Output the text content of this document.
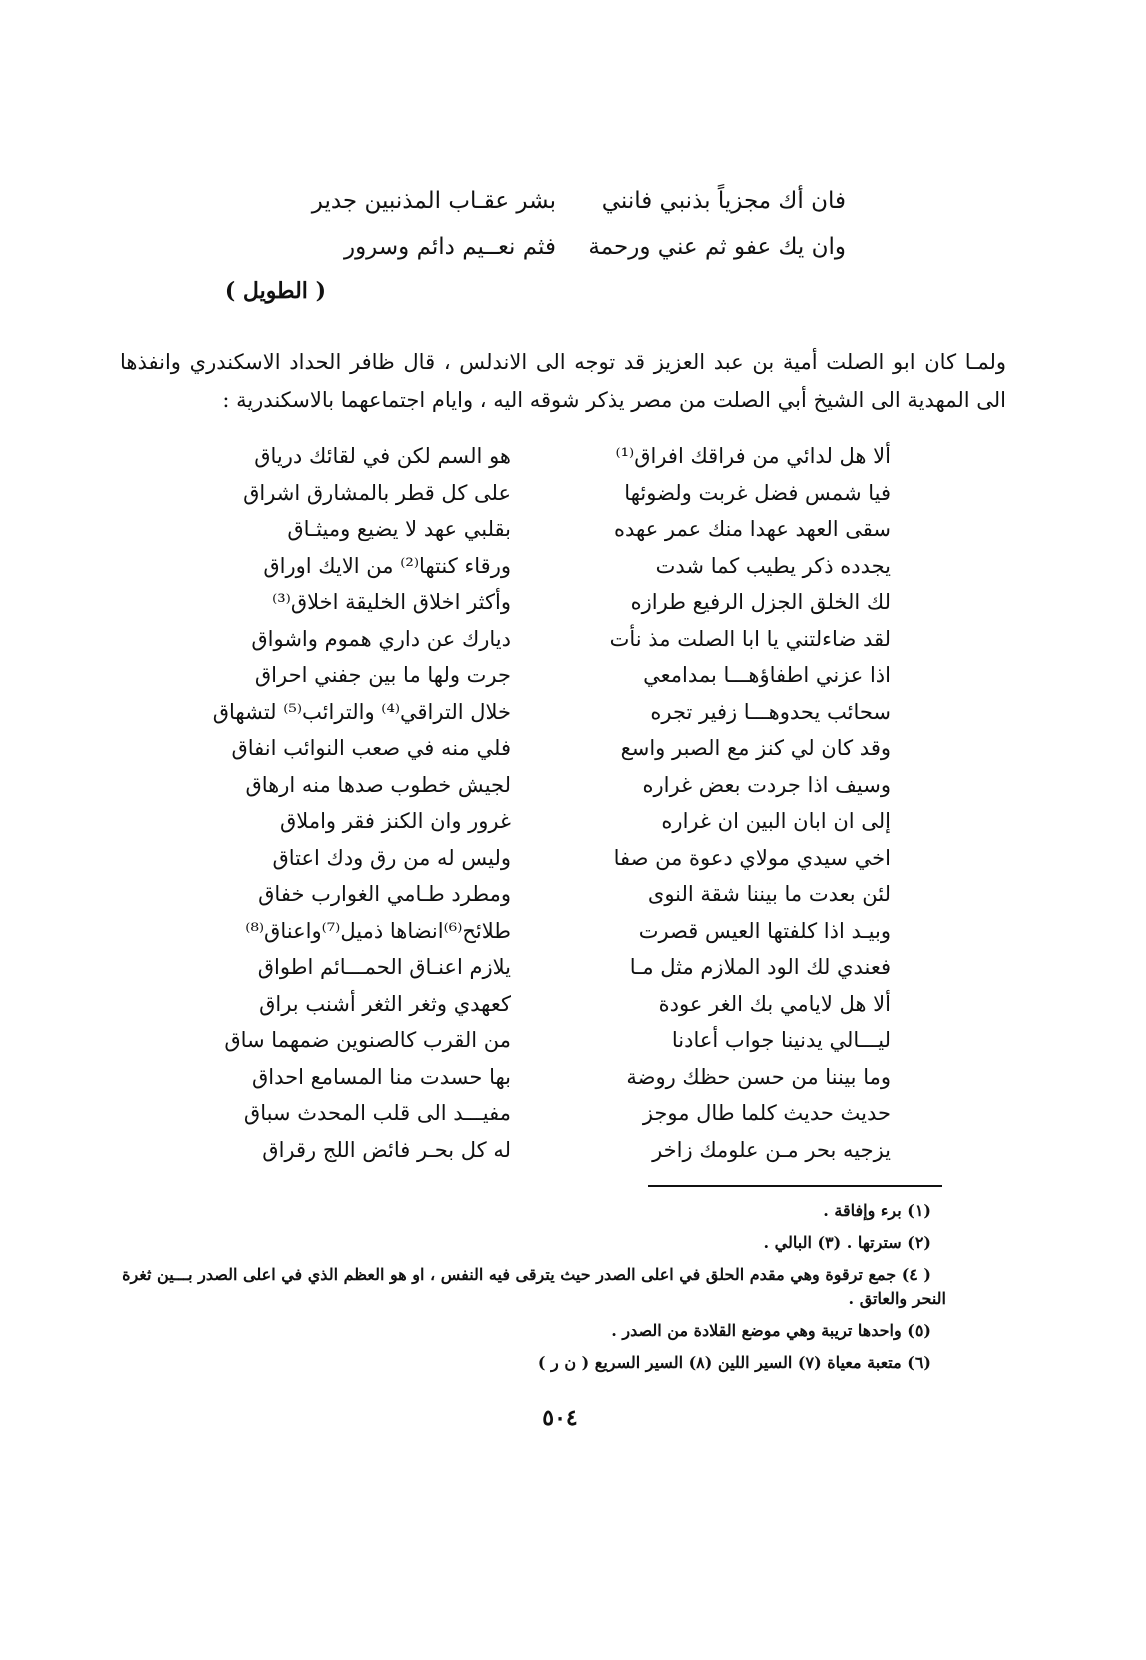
فان أك مجزياً بذنبي فانني
بشر عقـاب المذنبين جدير
وان يك عفو ثم عني ورحمة
فثم نعــيم دائم وسرور
( الطويل )

ولمـا كان ابو الصلت أمية بن عبد العزيز قد توجه الى الاندلس ، قال ظافر الحداد الاسكندري وانفذها الى المهدية الى الشيخ أبي الصلت من مصر يذكر شوقه اليه ، وايام اجتماعهما بالاسكندرية :

ألا هل لدائي من فراقك افراق⁽¹⁾
هو السم لكن في لقائك درياق
فيا شمس فضل غربت ولضوئها
على كل قطر بالمشارق اشراق
سقى العهد عهدا منك عمر عهده
بقلبي عهد لا يضيع وميثـاق
يجدده ذكر يطيب كما شدت
ورقاء كنتها⁽²⁾ من الايك اوراق
لك الخلق الجزل الرفيع طرازه
وأكثر اخلاق الخليقة اخلاق⁽³⁾
لقد ضاءلتني يا ابا الصلت مذ نأت
ديارك عن داري هموم واشواق
اذا عزني اطفاؤهـــا بمدامعي
جرت ولها ما بين جفني احراق
سحائب يحدوهـــا زفير تجره
خلال التراقي⁽⁴⁾ والترائب⁽⁵⁾ لتشهاق
وقد كان لي كنز مع الصبر واسع
فلي منه في صعب النوائب انفاق
وسيف اذا جردت بعض غراره
لجيش خطوب صدها منه ارهاق
إلى ان ابان البين ان غراره
غرور وان الكنز فقر واملاق
اخي سيدي مولاي دعوة من صفا
وليس له من رق ودك اعتاق
لئن بعدت ما بيننا شقة النوى
ومطرد طـامي الغوارب خفاق
وبيـد اذا كلفتها العيس قصرت
طلائح⁽⁶⁾انضاها ذميل⁽⁷⁾واعناق⁽⁸⁾
فعندي لك الود الملازم مثل مـا
يلازم اعنـاق الحمـــائم اطواق
ألا هل لايامي بك الغر عودة
كعهدي وثغر الثغر أشنب براق
ليـــالي يدنينا جواب أعادنا
من القرب كالصنوين ضمهما ساق
وما بيننا من حسن حظك روضة
بها حسدت منا المسامع احداق
حديث حديث كلما طال موجز
مفيـــد الى قلب المحدث سباق
يزجيه بحر مـن علومك زاخر
له كل بحـر فائض اللج رقراق
(١) برء وإفاقة .
(٢) سترتها . (٣) البالي .
( ٤) جمع ترقوة وهي مقدم الحلق في اعلى الصدر حيث يترقى فيه النفس ، او هو العظم الذي في اعلى الصدر بـــين ثغرة
النحر والعاتق .
(٥) واحدها تريبة وهي موضع القلادة من الصدر .
(٦) متعبة معياة (٧) السير اللين (٨) السير السريع ( ن ر )
٥٠٤
